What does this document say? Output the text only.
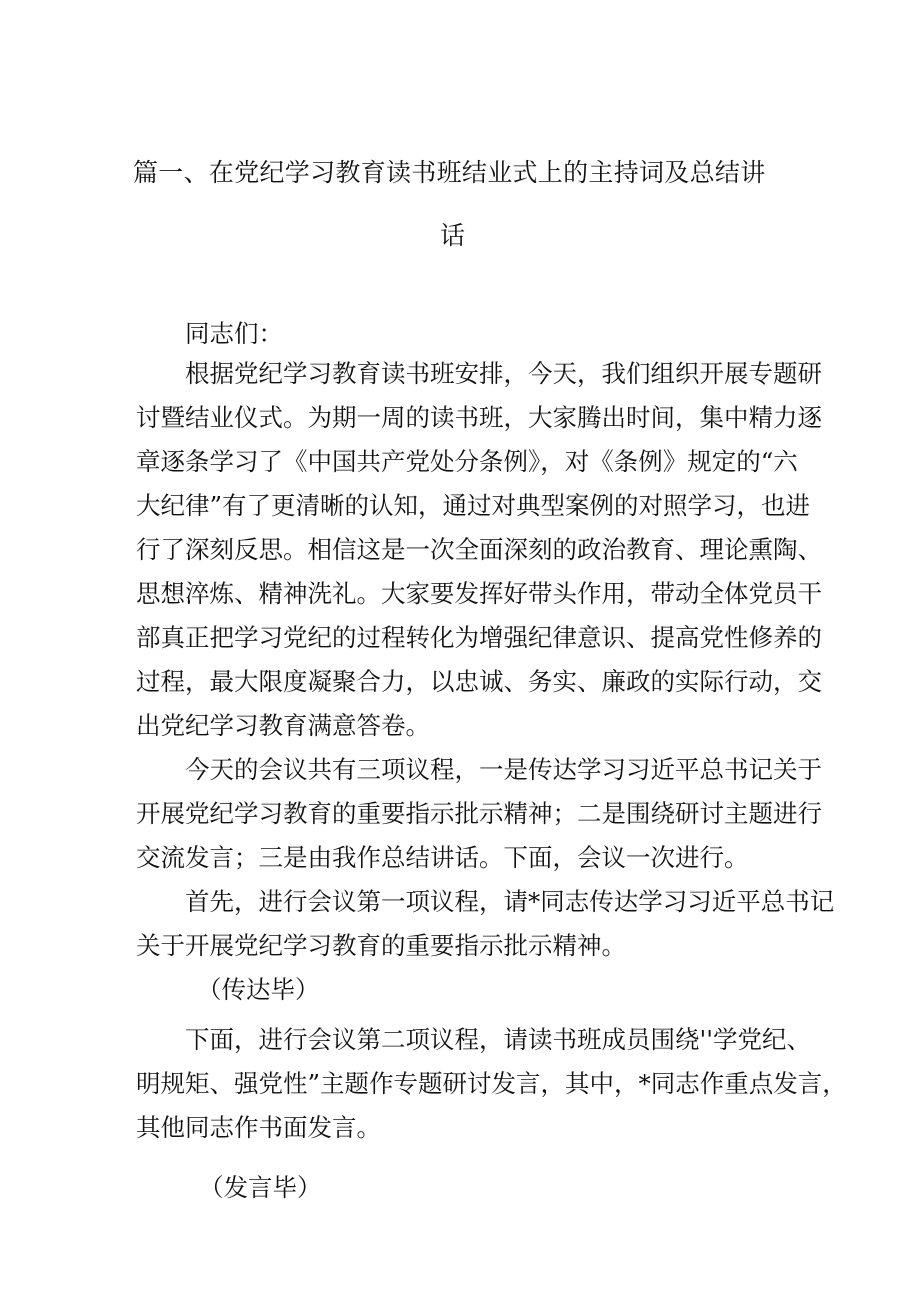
篇一、在党纪学习教育读书班结业式上的主持词及总结讲
话
同志们：
根据党纪学习教育读书班安排，今天，我们组织开展专题研
讨暨结业仪式。为期一周的读书班，大家腾出时间，集中精力逐
章逐条学习了《中国共产党处分条例》，对《条例》规定的“六
大纪律”有了更清晰的认知，通过对典型案例的对照学习，也进
行了深刻反思。相信这是一次全面深刻的政治教育、理论熏陶、
思想淬炼、精神洗礼。大家要发挥好带头作用，带动全体党员干
部真正把学习党纪的过程转化为增强纪律意识、提高党性修养的
过程，最大限度凝聚合力，以忠诚、务实、廉政的实际行动，交
出党纪学习教育满意答卷。
今天的会议共有三项议程，一是传达学习习近平总书记关于
开展党纪学习教育的重要指示批示精神；二是围绕研讨主题进行
交流发言；三是由我作总结讲话。下面，会议一次进行。
首先，进行会议第一项议程，请*同志传达学习习近平总书记
关于开展党纪学习教育的重要指示批示精神。
（传达毕）
下面，进行会议第二项议程，请读书班成员围绕''学党纪、
明规矩、强党性”主题作专题研讨发言，其中，*同志作重点发言，
其他同志作书面发言。
（发言毕）
